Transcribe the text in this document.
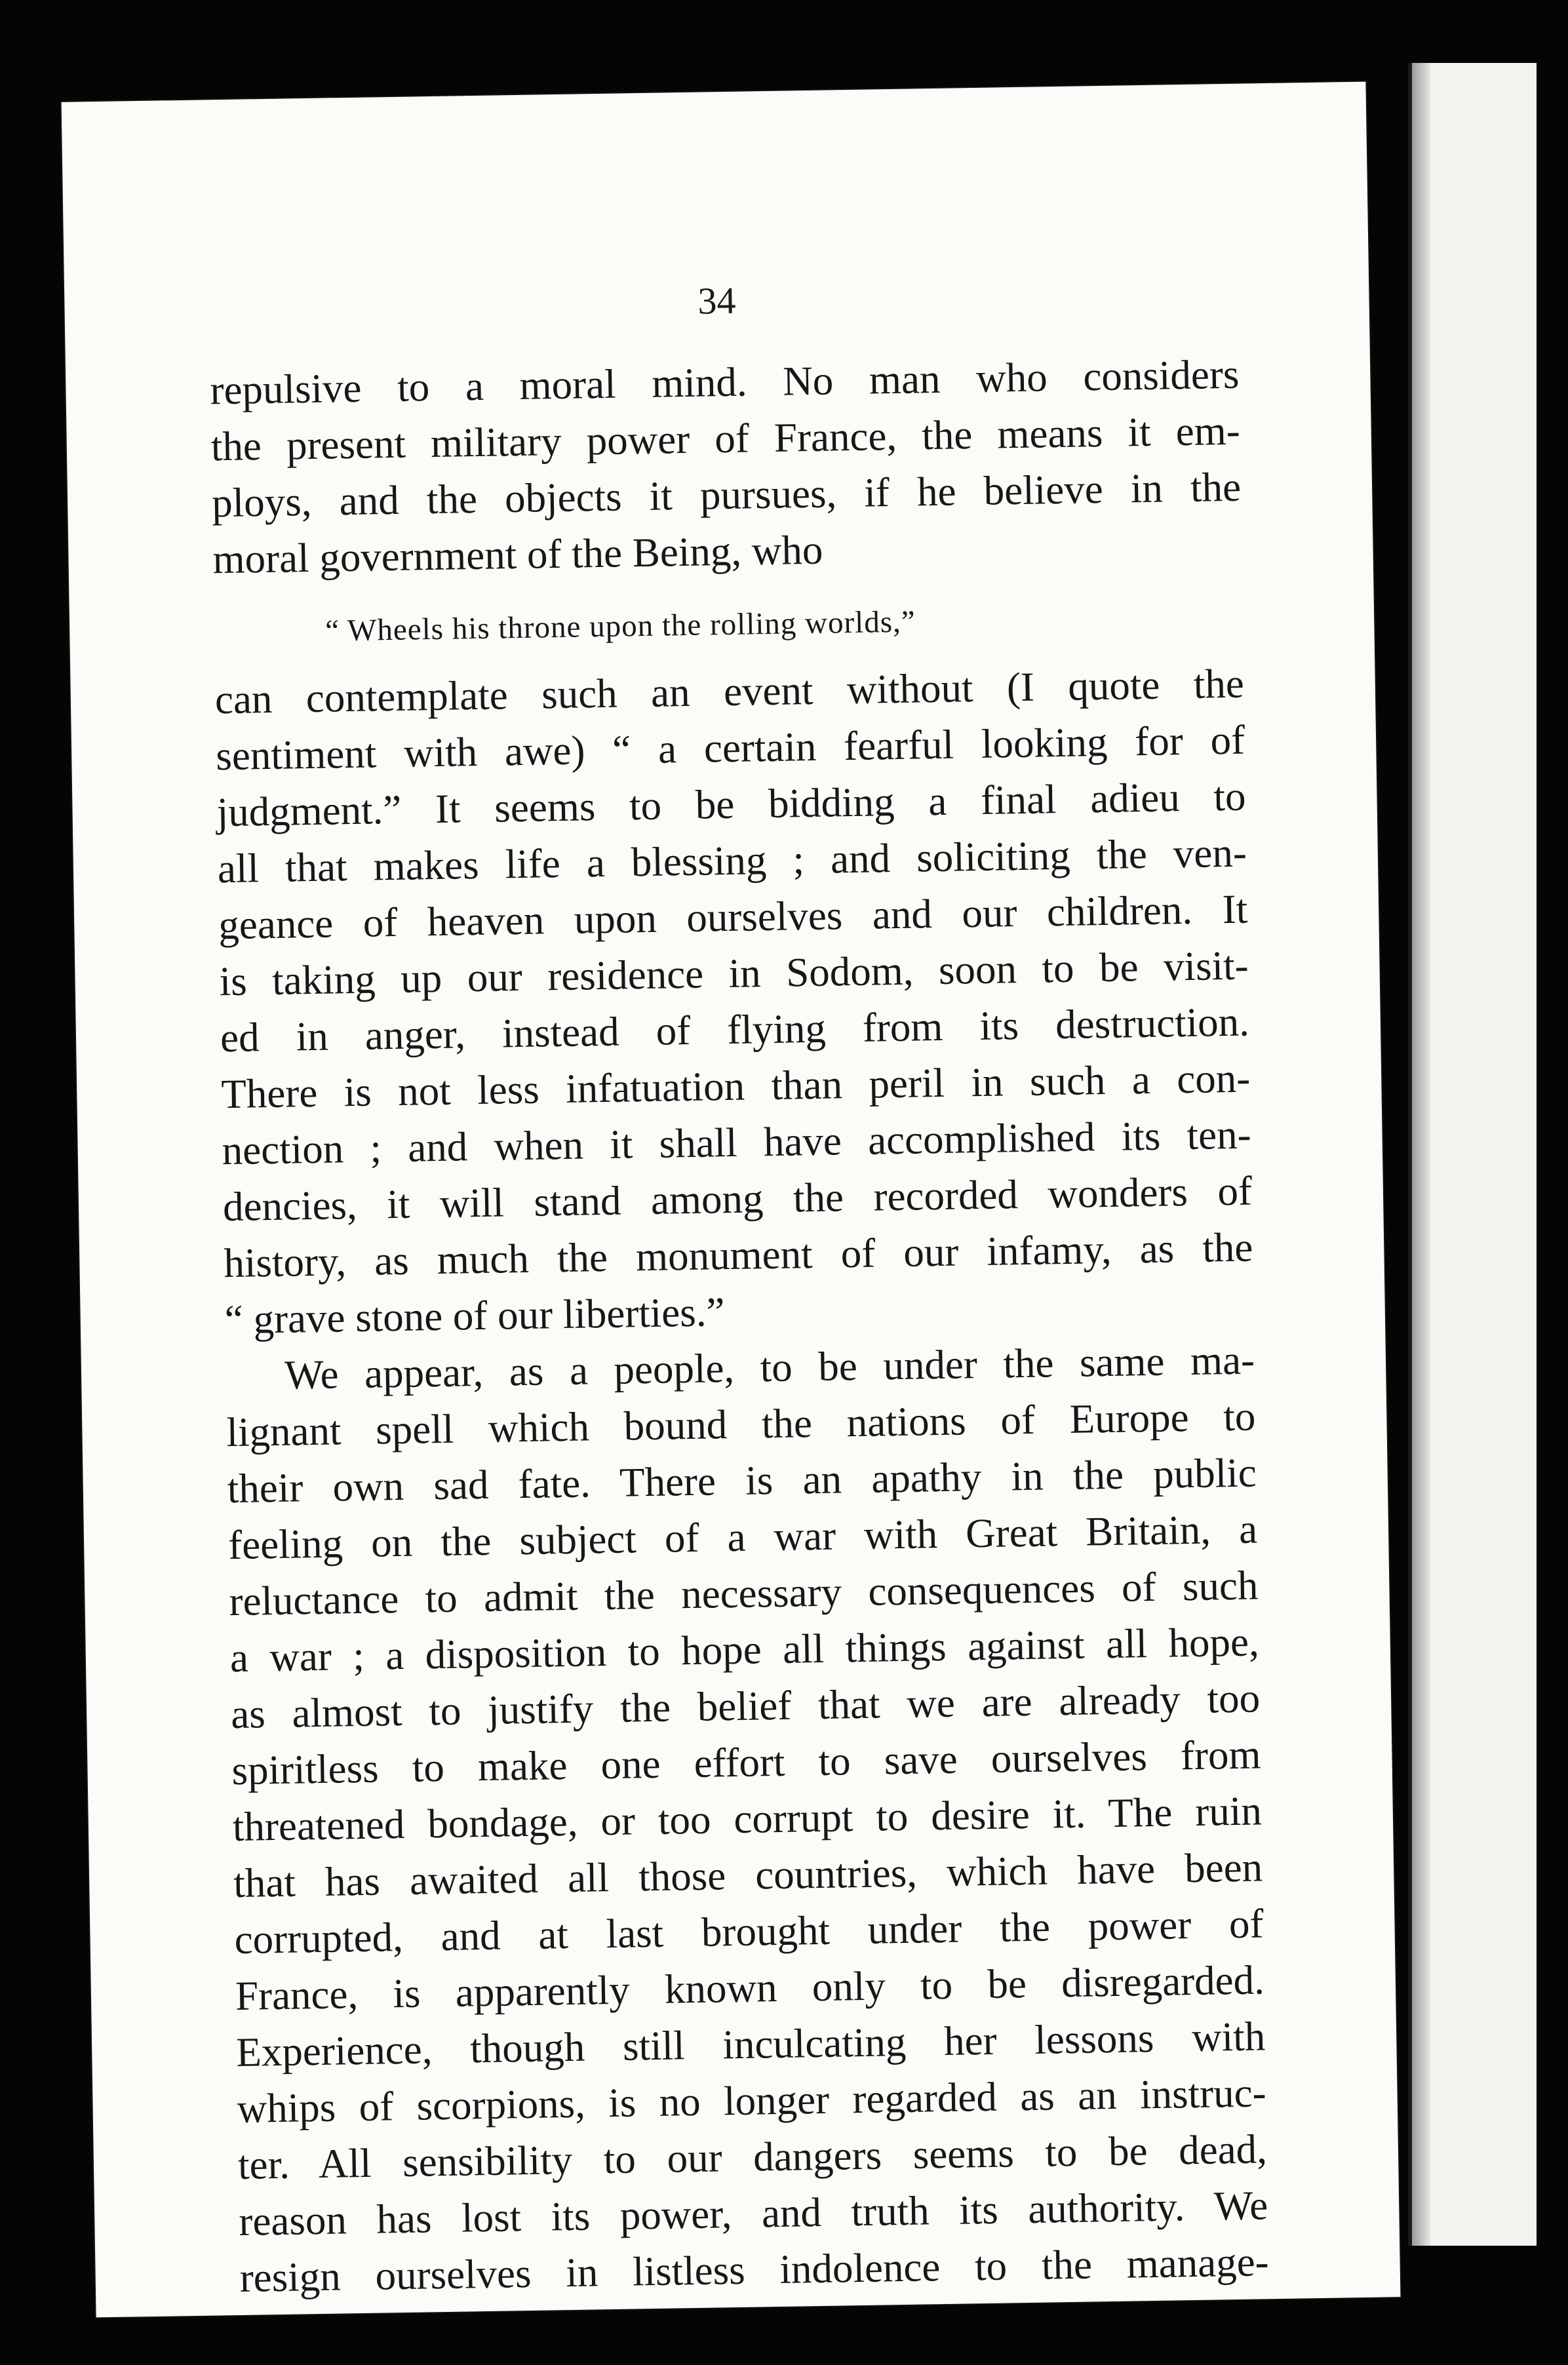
34
repulsive to a moral mind. No man who considers
the present military power of France, the means it em-
ploys, and the objects it pursues, if he believe in the
moral government of the Being, who
“ Wheels his throne upon the rolling worlds,”
can contemplate such an event without (I quote the
sentiment with awe) “ a certain fearful looking for of
judgment.” It seems to be bidding a final adieu to
all that makes life a blessing ; and soliciting the ven-
geance of heaven upon ourselves and our children. It
is taking up our residence in Sodom, soon to be visit-
ed in anger, instead of flying from its destruction.
There is not less infatuation than peril in such a con-
nection ; and when it shall have accomplished its ten-
dencies, it will stand among the recorded wonders of
history, as much the monument of our infamy, as the
“ grave stone of our liberties.”
We appear, as a people, to be under the same ma-
lignant spell which bound the nations of Europe to
their own sad fate. There is an apathy in the public
feeling on the subject of a war with Great Britain, a
reluctance to admit the necessary consequences of such
a war ; a disposition to hope all things against all hope,
as almost to justify the belief that we are already too
spiritless to make one effort to save ourselves from
threatened bondage, or too corrupt to desire it. The ruin
that has awaited all those countries, which have been
corrupted, and at last brought under the power of
France, is apparently known only to be disregarded.
Experience, though still inculcating her lessons with
whips of scorpions, is no longer regarded as an instruc-
ter. All sensibility to our dangers seems to be dead,
reason has lost its power, and truth its authority. We
resign ourselves in listless indolence to the manage-
